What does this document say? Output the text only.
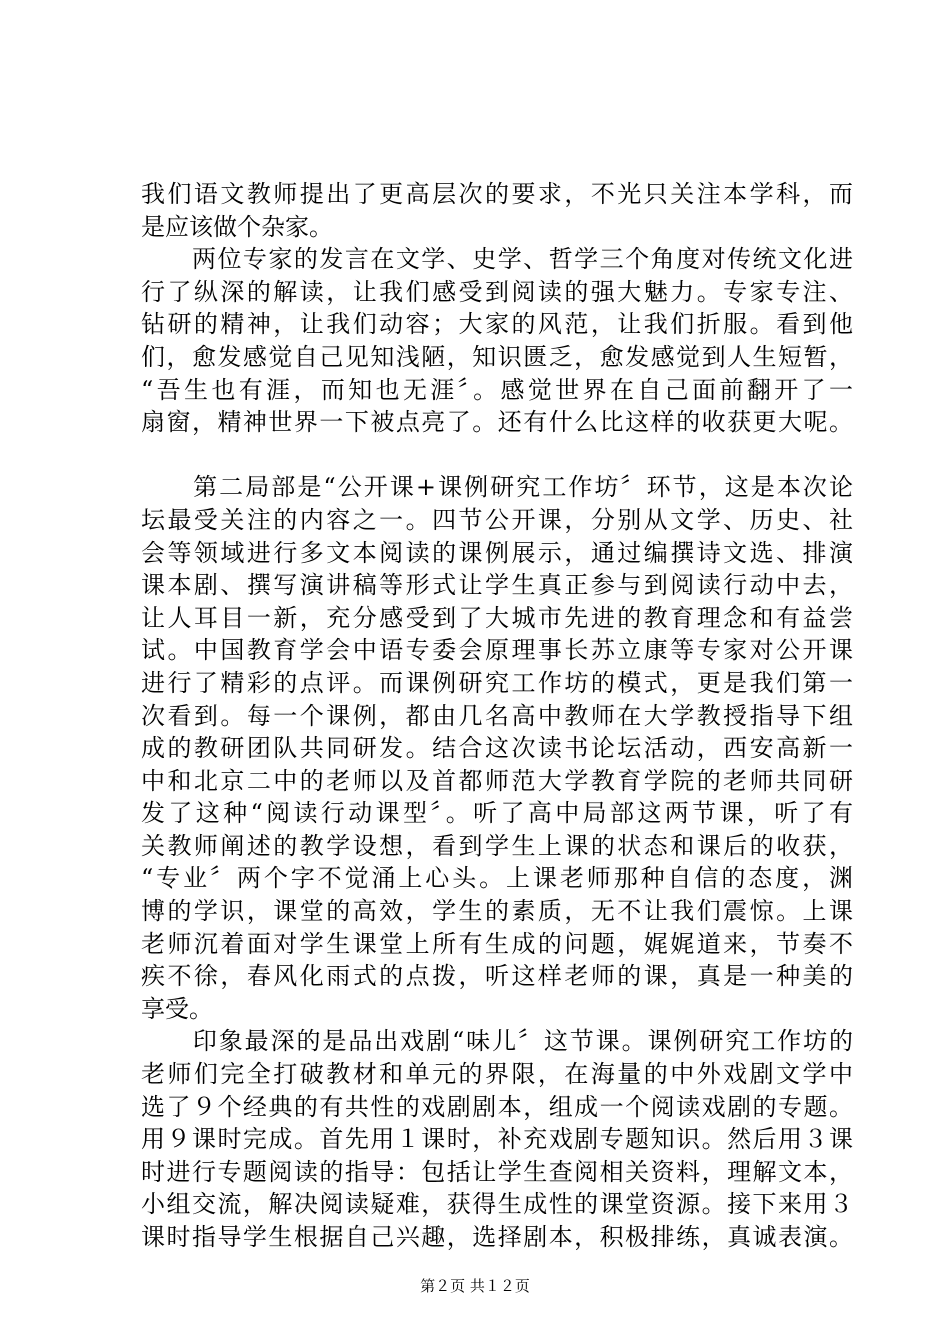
我们语文教师提出了更高层次的要求，不光只关注本学科，而
是应该做个杂家。
　　两位专家的发言在文学、史学、哲学三个角度对传统文化进
行了纵深的解读，让我们感受到阅读的强大魅力。专家专注、
钻研的精神，让我们动容；大家的风范，让我们折服。看到他
们，愈发感觉自己见知浅陋，知识匮乏，愈发感觉到人生短暂，
“吾生也有涯，而知也无涯〞。感觉世界在自己面前翻开了一
扇窗，精神世界一下被点亮了。还有什么比这样的收获更大呢。
　　第二局部是“公开课+课例研究工作坊〞环节，这是本次论
坛最受关注的内容之一。四节公开课，分别从文学、历史、社
会等领域进行多文本阅读的课例展示，通过编撰诗文选、排演
课本剧、撰写演讲稿等形式让学生真正参与到阅读行动中去，
让人耳目一新，充分感受到了大城市先进的教育理念和有益尝
试。中国教育学会中语专委会原理事长苏立康等专家对公开课
进行了精彩的点评。而课例研究工作坊的模式，更是我们第一
次看到。每一个课例，都由几名高中教师在大学教授指导下组
成的教研团队共同研发。结合这次读书论坛活动，西安高新一
中和北京二中的老师以及首都师范大学教育学院的老师共同研
发了这种“阅读行动课型〞。听了高中局部这两节课，听了有
关教师阐述的教学设想，看到学生上课的状态和课后的收获，
“专业〞两个字不觉涌上心头。上课老师那种自信的态度，渊
博的学识，课堂的高效，学生的素质，无不让我们震惊。上课
老师沉着面对学生课堂上所有生成的问题，娓娓道来，节奏不
疾不徐，春风化雨式的点拨，听这样老师的课，真是一种美的
享受。
　　印象最深的是品出戏剧“味儿〞这节课。课例研究工作坊的
老师们完全打破教材和单元的界限，在海量的中外戏剧文学中
选了９个经典的有共性的戏剧剧本，组成一个阅读戏剧的专题。
用９课时完成。首先用１课时，补充戏剧专题知识。然后用３课
时进行专题阅读的指导：包括让学生查阅相关资料，理解文本，
小组交流，解决阅读疑难，获得生成性的课堂资源。接下来用３
课时指导学生根据自己兴趣，选择剧本，积极排练，真诚表演。
第２页 共１２页
